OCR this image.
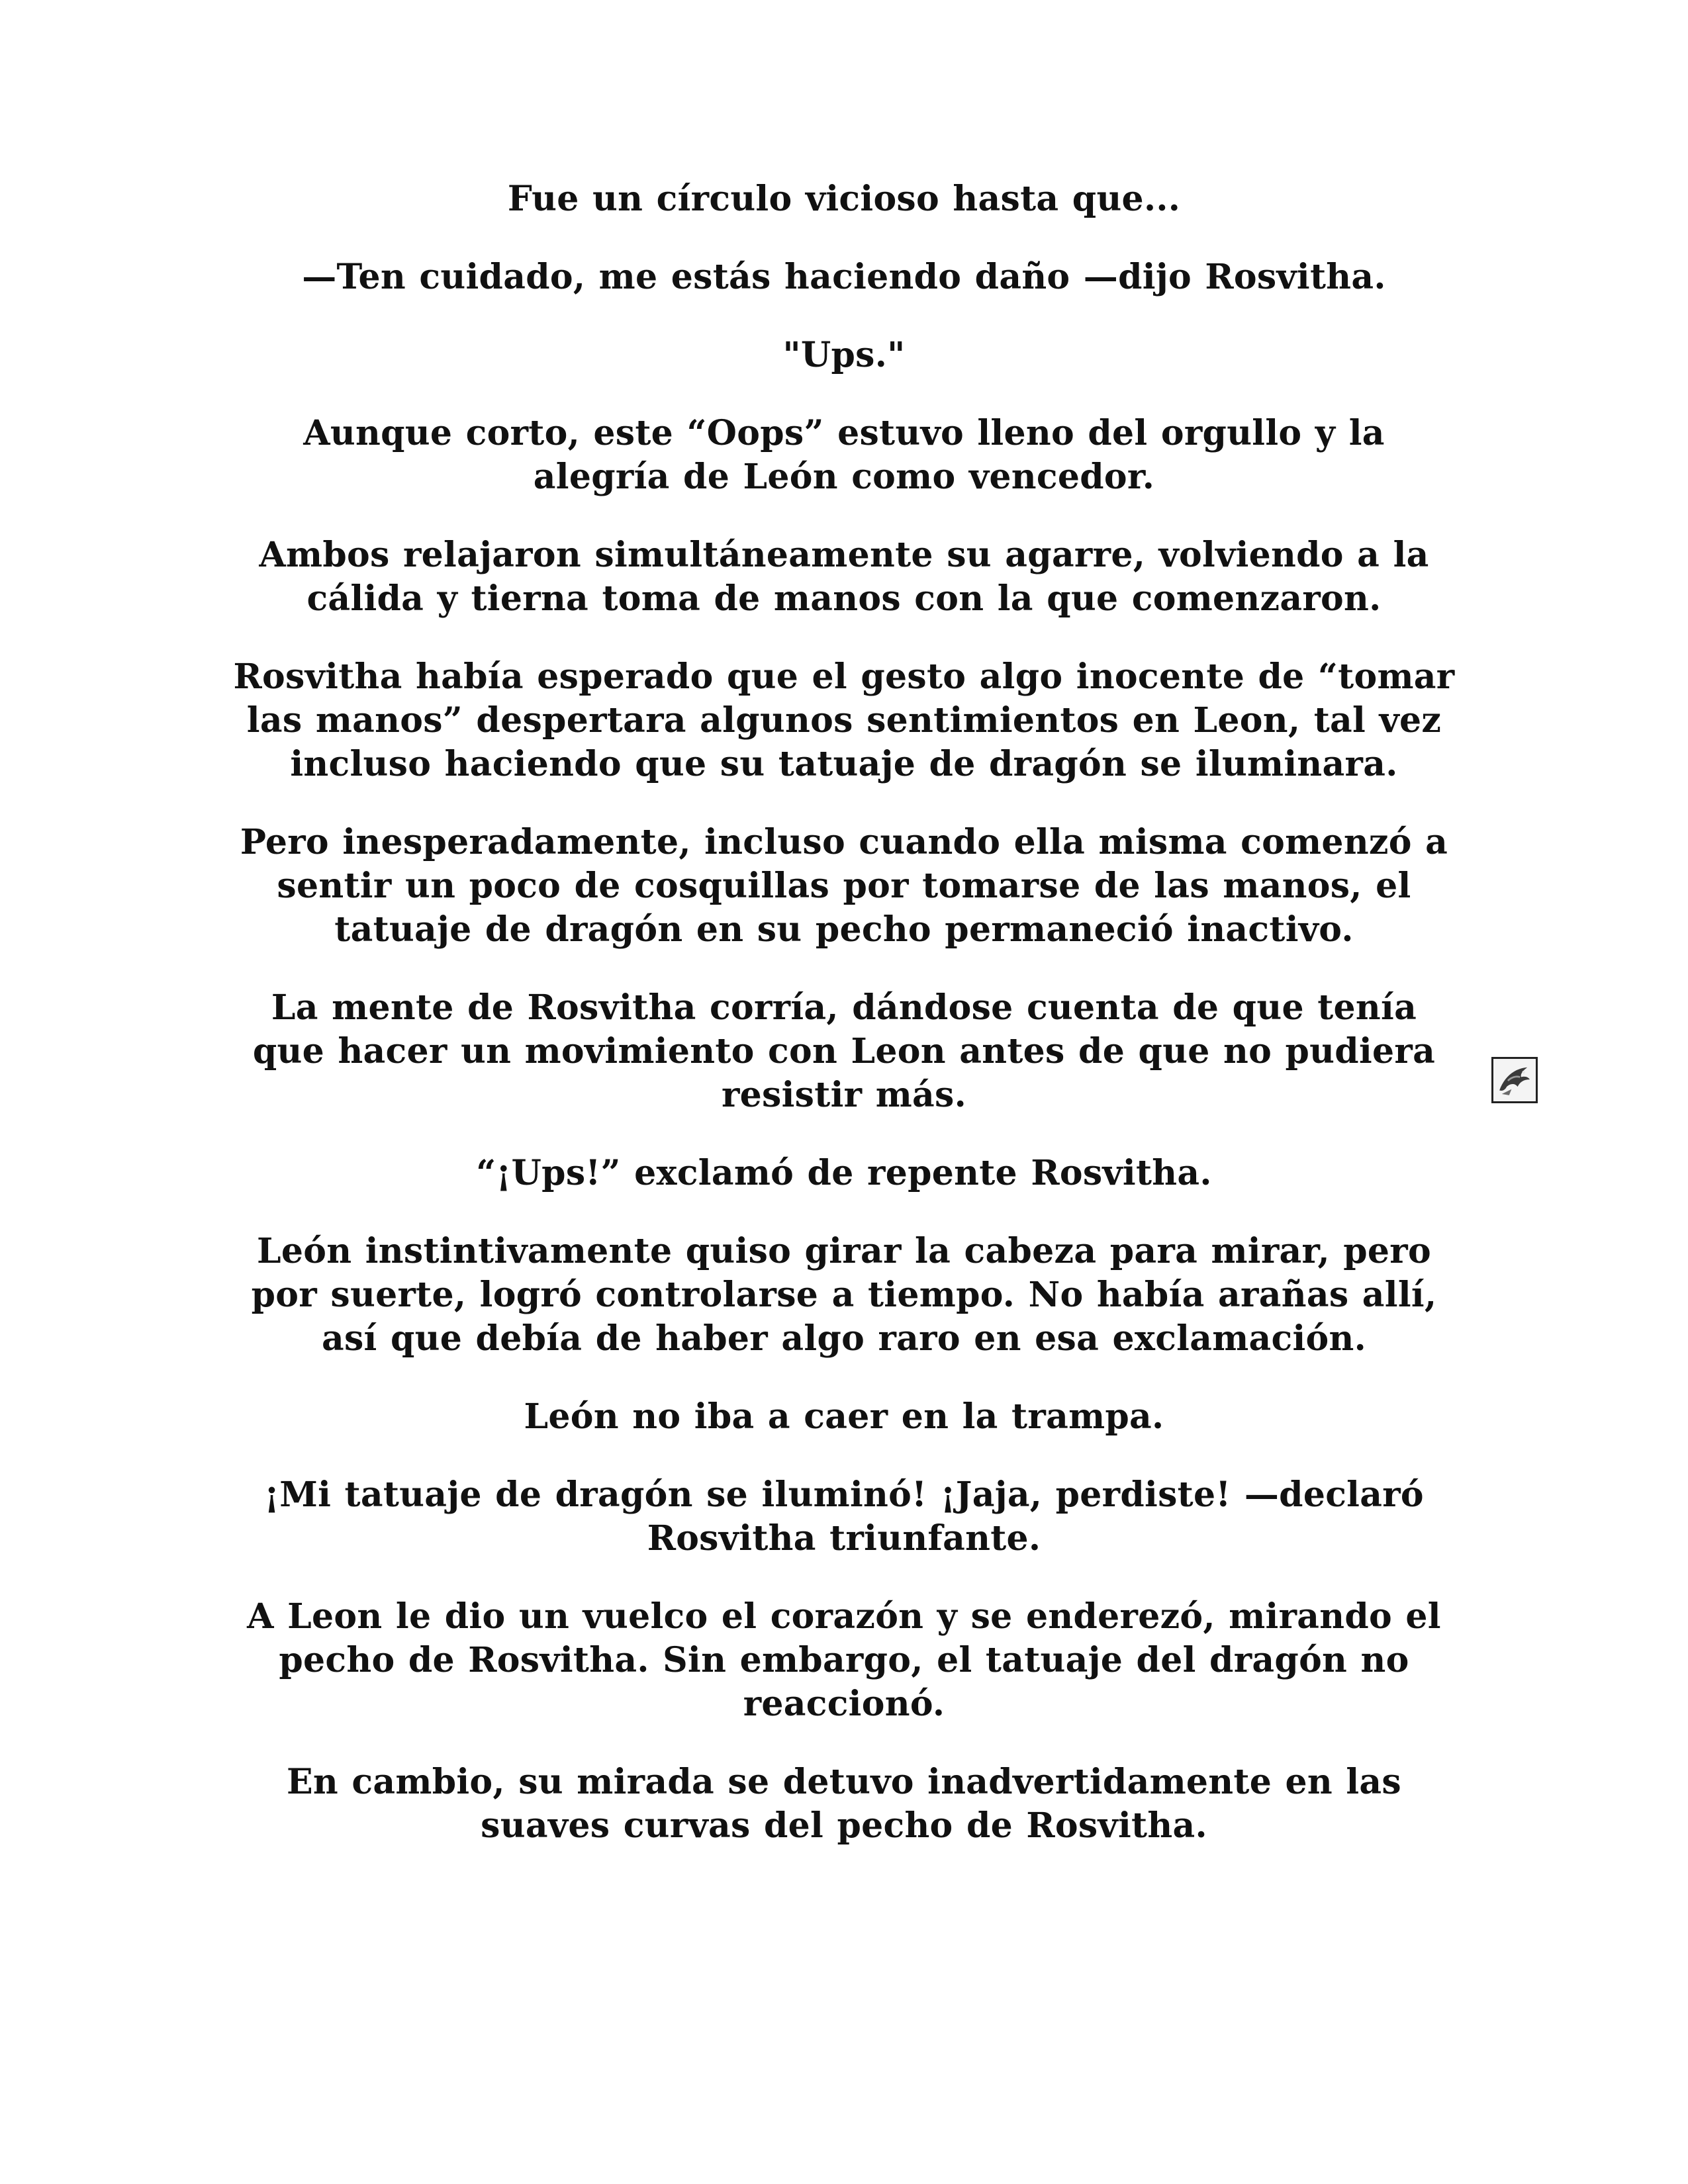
Fue un círculo vicioso hasta que...

—Ten cuidado, me estás haciendo daño —dijo Rosvitha.

"Ups."

Aunque corto, este “Oops” estuvo lleno del orgullo y la alegría de León como vencedor.

Ambos relajaron simultáneamente su agarre, volviendo a la cálida y tierna toma de manos con la que comenzaron.

Rosvitha había esperado que el gesto algo inocente de “tomar las manos” despertara algunos sentimientos en Leon, tal vez incluso haciendo que su tatuaje de dragón se iluminara.

Pero inesperadamente, incluso cuando ella misma comenzó a sentir un poco de cosquillas por tomarse de las manos, el tatuaje de dragón en su pecho permaneció inactivo.

La mente de Rosvitha corría, dándose cuenta de que tenía que hacer un movimiento con Leon antes de que no pudiera resistir más.

“¡Ups!” exclamó de repente Rosvitha.

León instintivamente quiso girar la cabeza para mirar, pero por suerte, logró controlarse a tiempo. No había arañas allí, así que debía de haber algo raro en esa exclamación.

León no iba a caer en la trampa.

¡Mi tatuaje de dragón se iluminó! ¡Jaja, perdiste! —declaró Rosvitha triunfante.

A Leon le dio un vuelco el corazón y se enderezó, mirando el pecho de Rosvitha. Sin embargo, el tatuaje del dragón no reaccionó.

En cambio, su mirada se detuvo inadvertidamente en las suaves curvas del pecho de Rosvitha.
